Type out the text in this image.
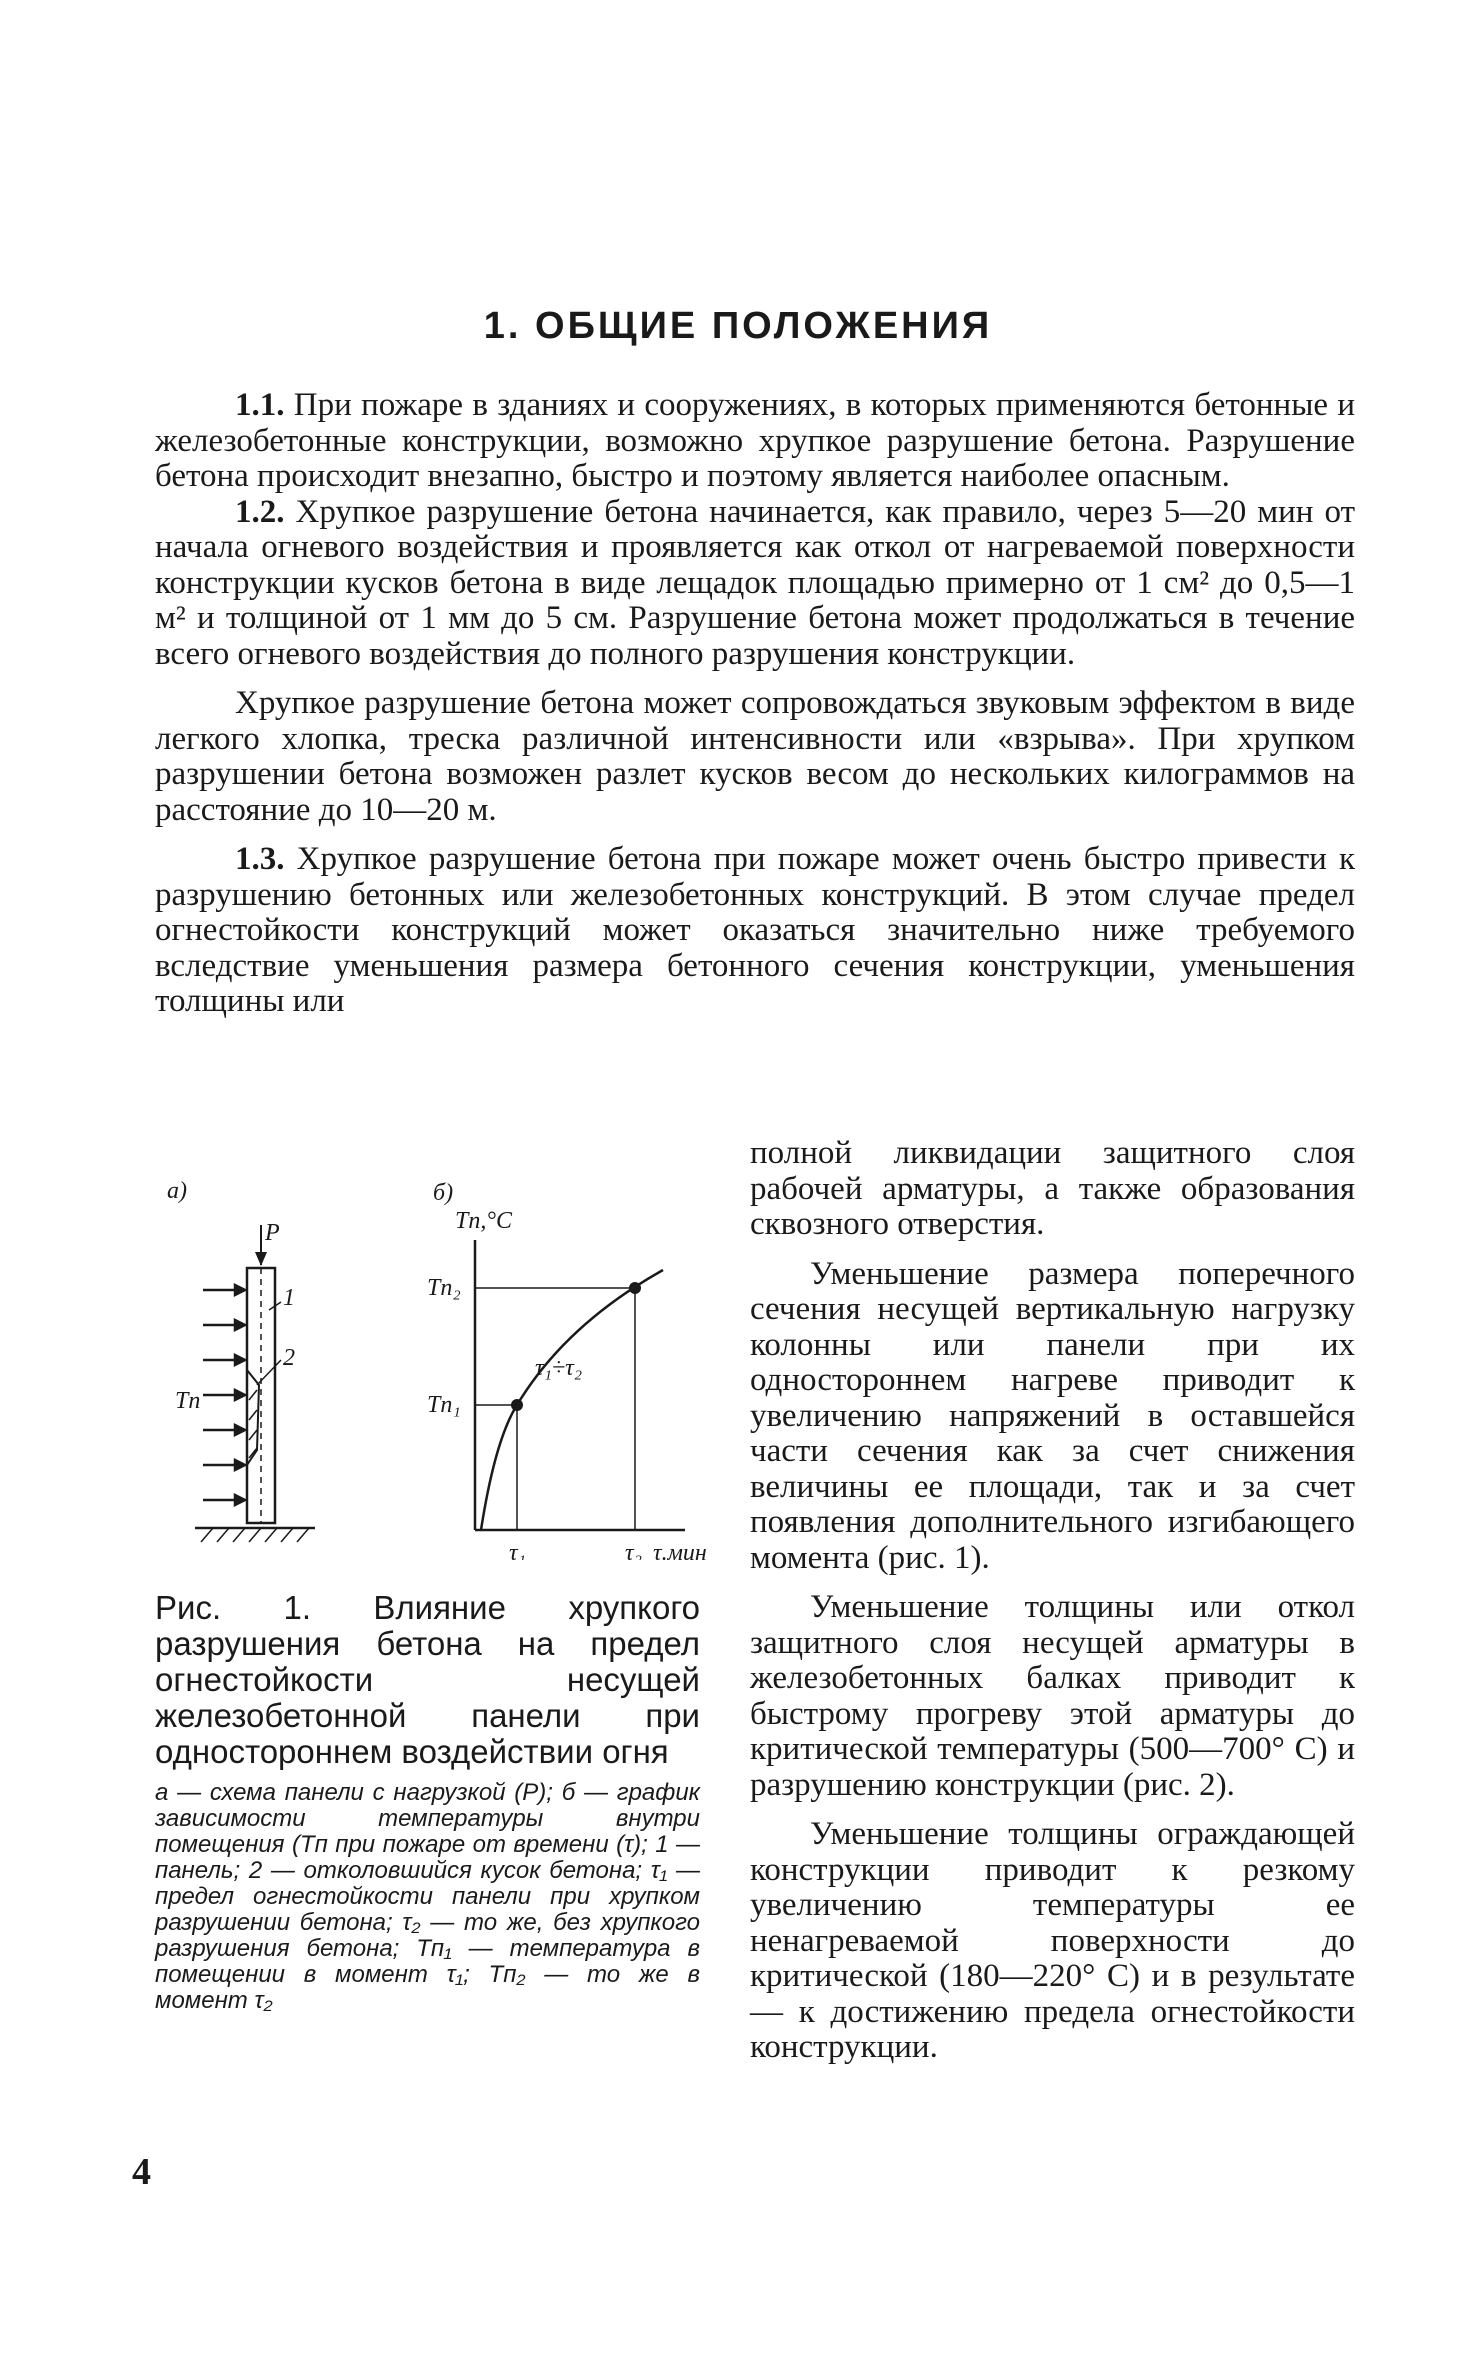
1. ОБЩИЕ ПОЛОЖЕНИЯ

1.1. При пожаре в зданиях и сооружениях, в которых применяются бетонные и железобетонные конструкции, возможно хрупкое разрушение бетона. Разрушение бетона происходит внезапно, быстро и поэтому является наиболее опасным.

1.2. Хрупкое разрушение бетона начинается, как правило, через 5—20 мин от начала огневого воздействия и проявляется как откол от нагреваемой поверхности конструкции кусков бетона в виде лещадок площадью примерно от 1 см² до 0,5—1 м² и толщиной от 1 мм до 5 см. Разрушение бетона может продолжаться в течение всего огневого воздействия до полного разрушения конструкции.

Хрупкое разрушение бетона может сопровождаться звуковым эффектом в виде легкого хлопка, треска различной интенсивности или «взрыва». При хрупком разрушении бетона возможен разлет кусков весом до нескольких килограммов на расстояние до 10—20 м.

1.3. Хрупкое разрушение бетона при пожаре может очень быстро привести к разрушению бетонных или железобетонных конструкций. В этом случае предел огнестойкости конструкций может оказаться значительно ниже требуемого вследствие уменьшения размера бетонного сечения конструкции, уменьшения толщины или

полной ликвидации защитного слоя рабочей арматуры, а также образования сквозного отверстия.

Уменьшение размера поперечного сечения несущей вертикальную нагрузку колонны или панели при их одностороннем нагреве приводит к увеличению напряжений в оставшейся части сечения как за счет снижения величины ее площади, так и за счет появления дополнительного изгибающего момента (рис. 1).

Уменьшение толщины или откол защитного слоя несущей арматуры в железобетонных балках приводит к быстрому прогреву этой арматуры до критической температуры (500—700° С) и разрушению конструкции (рис. 2).

Уменьшение толщины ограждающей конструкции приводит к резкому увеличению температуры ее ненагреваемой поверхности до критической (180—220° С) и в результате — к достижению предела огнестойкости конструкции.

а)
P
1
2
Tп
б)
Tп,°C
Tп₂
Tп₁
τ₁÷τ₂
τ₁	τ₂ τ.мин

Рис. 1. Влияние хрупкого разрушения бетона на предел огнестойкости несущей железобетонной панели при одностороннем воздействии огня

а — схема панели с нагрузкой (P); б — график зависимости температуры внутри помещения (Tп при пожаре от времени (τ); 1 — панель; 2 — отколовшийся кусок бетона; τ₁ — предел огнестойкости панели при хрупком разрушении бетона; τ₂ — то же, без хрупкого разрушения бетона; Tп₁ — температура в помещении в момент τ₁; Tп₂ — то же в момент τ₂

4
